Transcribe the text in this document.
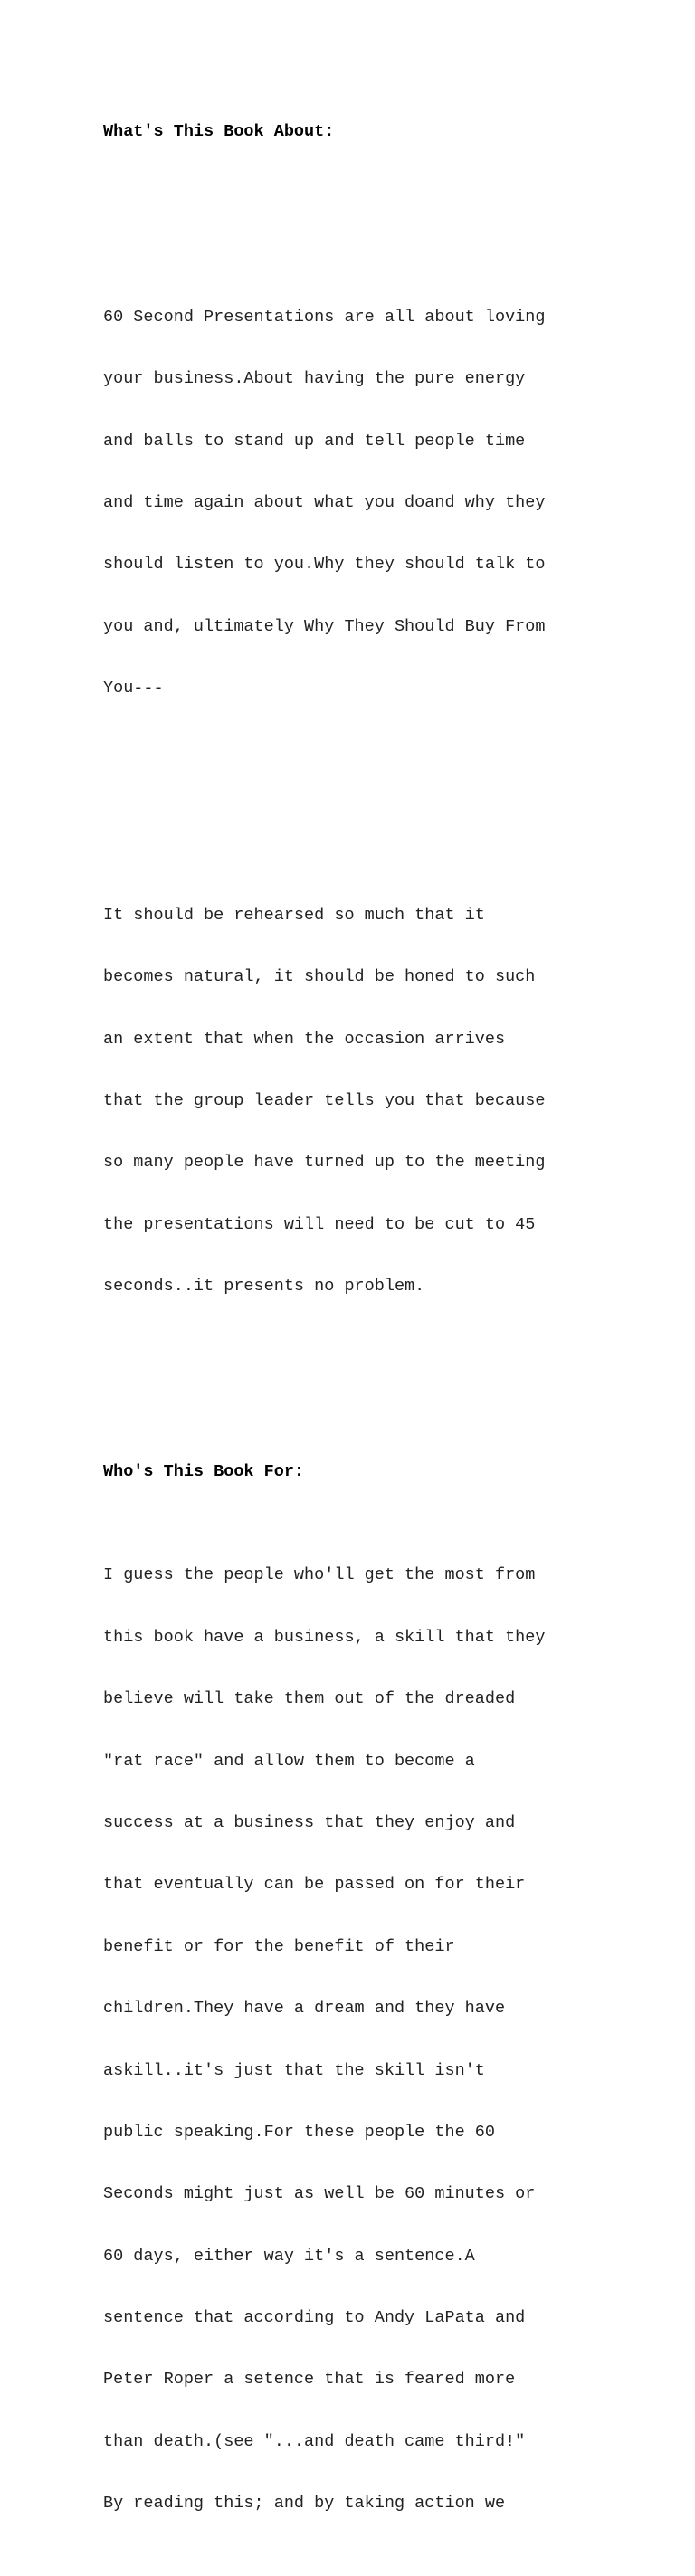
What's This Book About:

60 Second Presentations are all about loving

your business.About having the pure energy

and balls to stand up and tell people time

and time again about what you doand why they

should listen to you.Why they should talk to

you and, ultimately Why They Should Buy From

You---

It should be rehearsed so much that it

becomes natural, it should be honed to such

an extent that when the occasion arrives

that the group leader tells you that because

so many people have turned up to the meeting

the presentations will need to be cut to 45

seconds..it presents no problem.

Who's This Book For:

I guess the people who'll get the most from

this book have a business, a skill that they

believe will take them out of the dreaded

"rat race" and allow them to become a

success at a business that they enjoy and

that eventually can be passed on for their

benefit or for the benefit of their

children.They have a dream and they have

askill..it's just that the skill isn't

public speaking.For these people the 60

Seconds might just as well be 60 minutes or

60 days, either way it's a sentence.A

sentence that according to Andy LaPata and

Peter Roper a setence that is feared more

than death.(see "...and death came third!"

By reading this; and by taking action we
